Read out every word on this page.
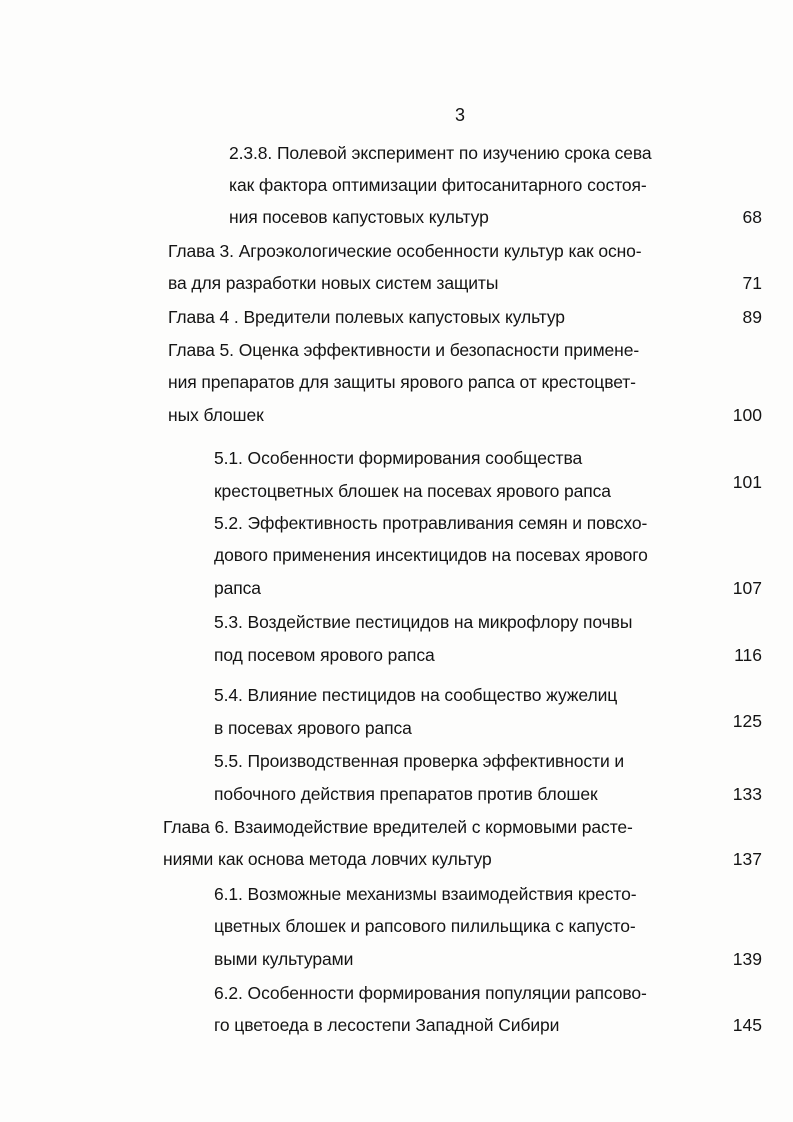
3
2.3.8. Полевой эксперимент по изучению срока сева
как фактора оптимизации фитосанитарного состоя-
ния посевов капустовых культур	68
Глава 3. Агроэкологические особенности культур как осно-
ва для разработки новых систем защиты	71
Глава 4 . Вредители полевых капустовых культур	89
Глава 5. Оценка эффективности и безопасности примене-
ния препаратов для защиты ярового рапса от крестоцвет-
ных блошек	100
5.1. Особенности формирования сообщества
крестоцветных блошек на посевах ярового рапса	101
5.2. Эффективность протравливания семян и повсхо-
дового применения инсектицидов на посевах ярового
рапса	107
5.3. Воздействие пестицидов на микрофлору почвы
под посевом ярового рапса	116
5.4. Влияние пестицидов на сообщество жужелиц
в посевах ярового рапса	125
5.5. Производственная проверка эффективности и
побочного действия препаратов против блошек	133
Глава 6. Взаимодействие вредителей с кормовыми расте-
ниями как основа метода ловчих культур	137
6.1. Возможные механизмы взаимодействия кресто-
цветных блошек и рапсового пилильщика с капусто-
выми культурами	139
6.2. Особенности формирования популяции рапсово-
го цветоеда в лесостепи Западной Сибири	145
